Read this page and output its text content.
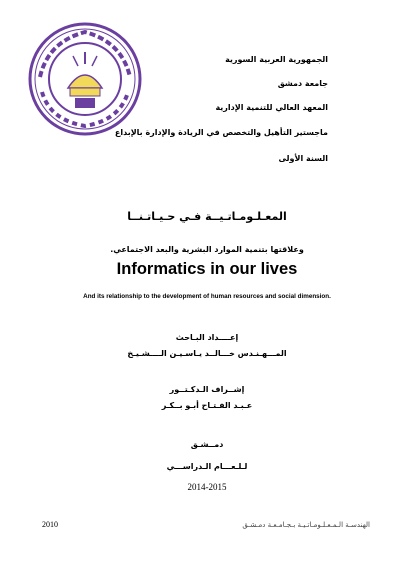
الجمهورية العربية السورية
جامعة دمشق
المعهد العالي للتنمية الإدارية
ماجستير التأهيل والتخصص في الريادة والإدارة بالإبداع
السنة الأولى
المعـلـومـاتـيــة فـي حـيـاتـنــا
وعلاقتها بتنمية الموارد البشرية والبعد الاجتماعي.
Informatics in our lives
And its relationship to the development of human resources and social dimension.
إعــــداد البـاحث
المـــهـنـدس خـــالــد يـاسـيـن الــــشـيـخ
إشــراف الـدكـتــور
عـبـد الفـتـاح أبـو بــكـر
دمــشـق
لـلـعـــام الـدراســـي
2014-2015
2010	الهندسـة الـمـعـلـومـاتـيـة بـجـامـعـة دمـشـق
